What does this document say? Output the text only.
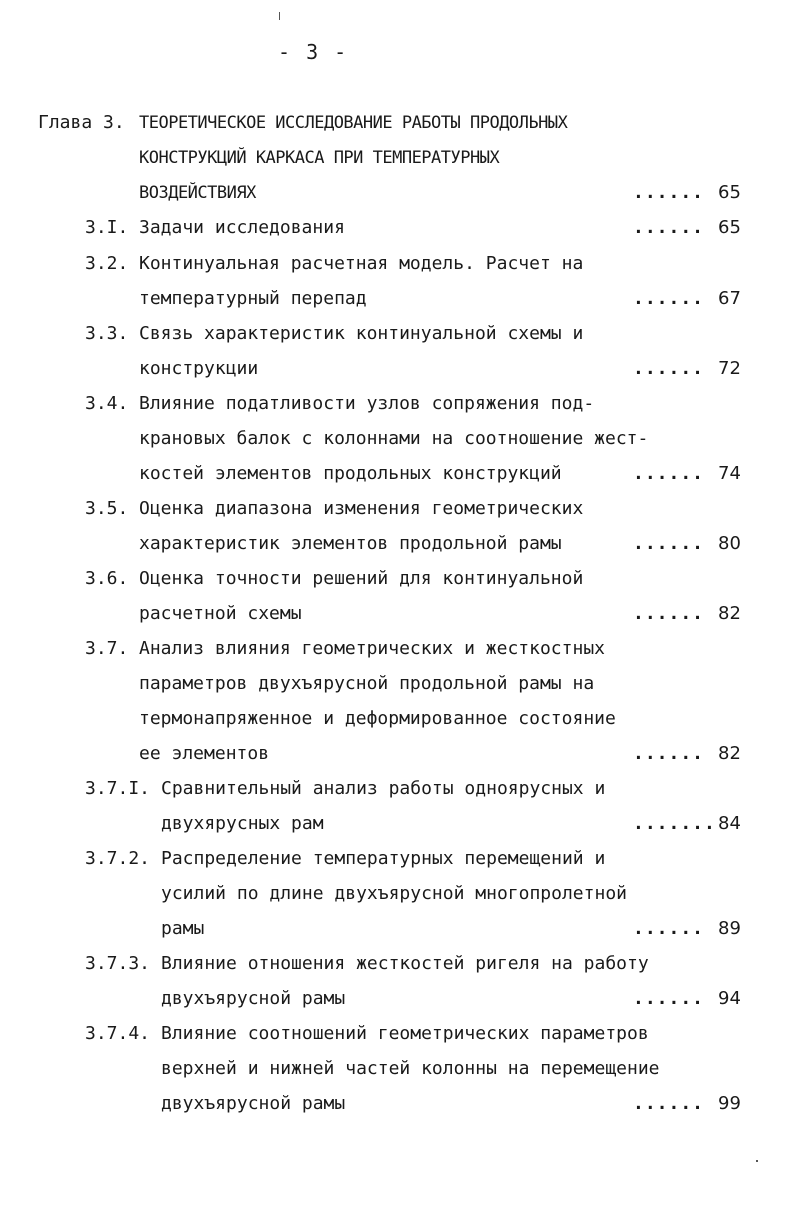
- 3 -
Глава 3. ТЕОРЕТИЧЕСКОЕ ИССЛЕДОВАНИЕ РАБОТЫ ПРОДОЛЬНЫХ
КОНСТРУКЦИЙ КАРКАСА ПРИ ТЕМПЕРАТУРНЫХ
ВОЗДЕЙСТВИЯХ	...... 65
3.I. Задачи исследования	...... 65
3.2. Континуальная расчетная модель. Расчет на
температурный перепад	...... 67
3.3. Связь характеристик континуальной схемы и
конструкции	...... 72
3.4. Влияние податливости узлов сопряжения под-
крановых балок с колоннами на соотношение жест-
костей элементов продольных конструкций	...... 74
3.5. Оценка диапазона изменения геометрических
характеристик элементов продольной рамы	...... 80
3.6. Оценка точности решений для континуальной
расчетной схемы	...... 82
3.7. Анализ влияния геометрических и жесткостных
параметров двухъярусной продольной рамы на
термонапряженное и деформированное состояние
ее элементов	...... 82
3.7.I. Сравнительный анализ работы одноярусных и
двухярусных рам	....... 84
3.7.2. Распределение температурных перемещений и
усилий по длине двухъярусной многопролетной
рамы	...... 89
3.7.3. Влияние отношения жесткостей ригеля на работу
двухъярусной рамы	...... 94
3.7.4. Влияние соотношений геометрических параметров
верхней и нижней частей колонны на перемещение
двухъярусной рамы	...... 99
